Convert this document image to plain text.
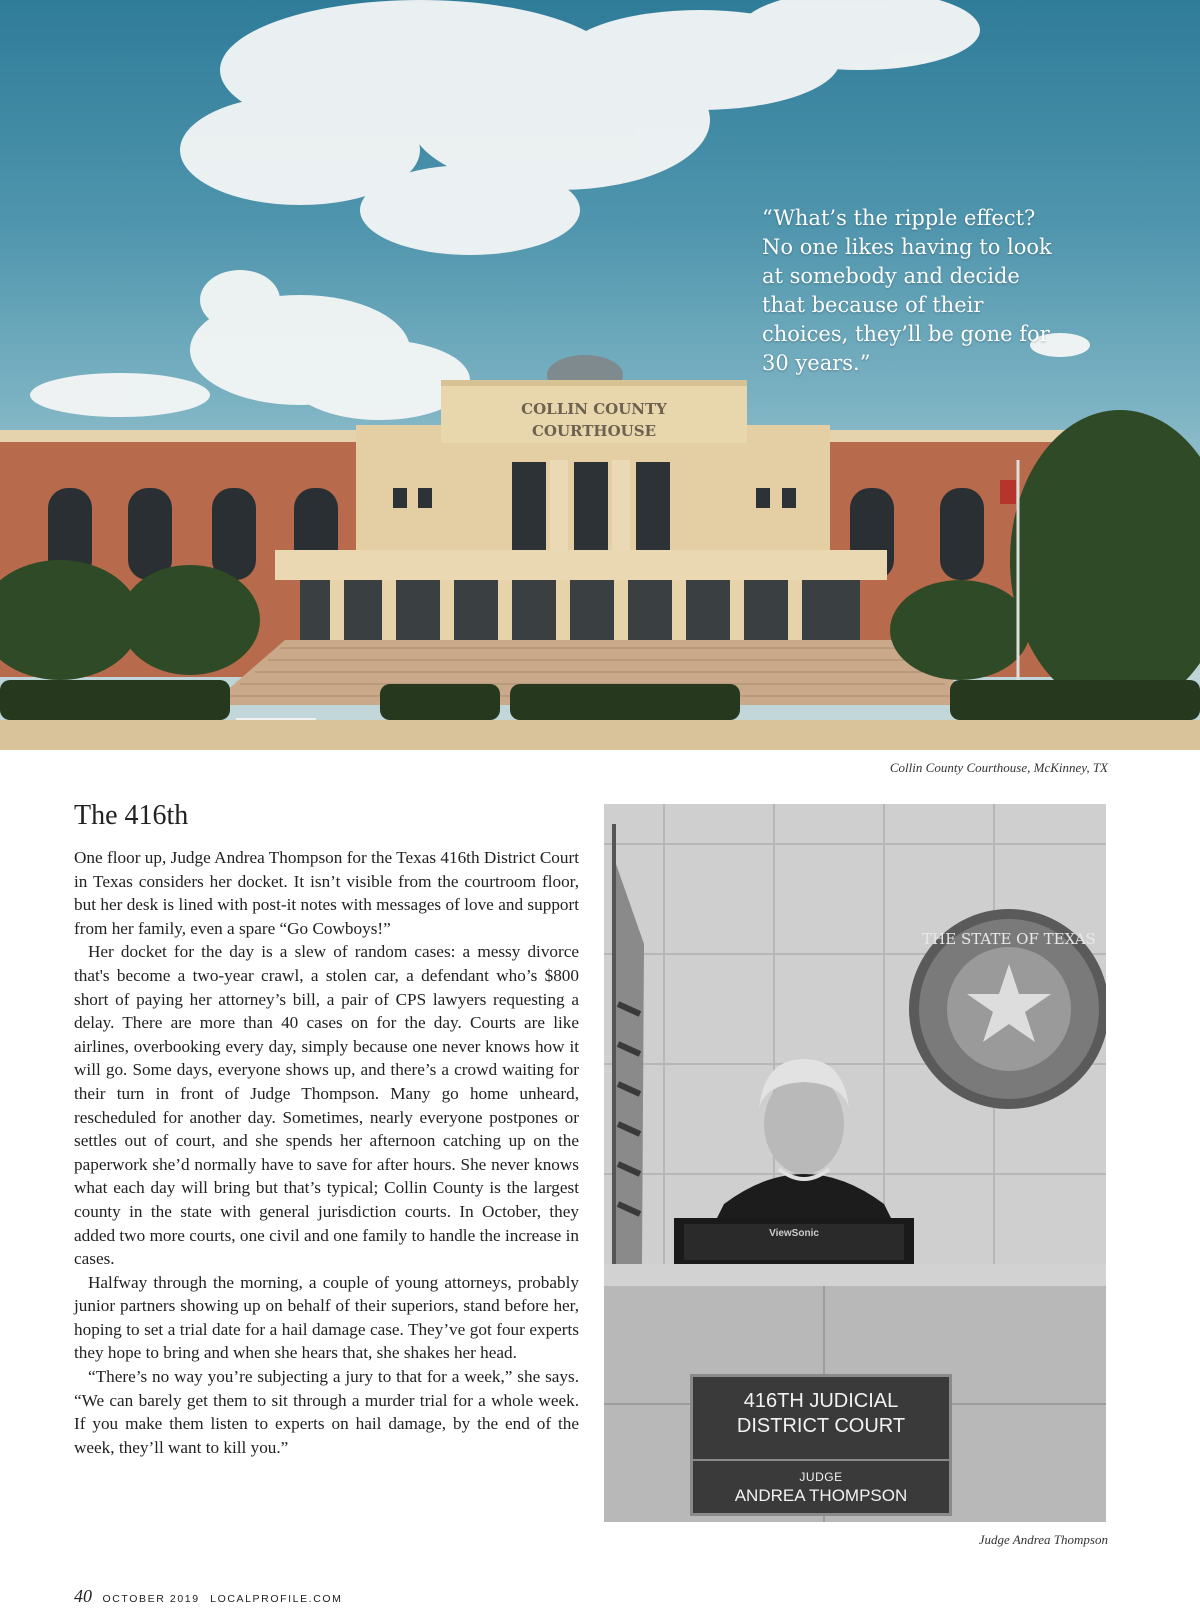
COLLIN COUNTY
COURTHOUSE

“What’s the ripple effect? No one likes having to look at somebody and decide that because of their choices, they’ll be gone for 30 years.”

Collin County Courthouse, McKinney, TX

The 416th

One floor up, Judge Andrea Thompson for the Texas 416th District Court in Texas considers her docket. It isn’t visible from the courtroom floor, but her desk is lined with post-it notes with messages of love and support from her family, even a spare “Go Cowboys!”

Her docket for the day is a slew of random cases: a messy divorce that's become a two-year crawl, a stolen car, a defendant who’s $800 short of paying her attorney’s bill, a pair of CPS lawyers requesting a delay. There are more than 40 cases on for the day. Courts are like airlines, overbooking every day, simply because one never knows how it will go. Some days, everyone shows up, and there’s a crowd waiting for their turn in front of Judge Thompson. Many go home unheard, rescheduled for another day. Sometimes, nearly everyone postpones or settles out of court, and she spends her afternoon catching up on the paperwork she’d normally have to save for after hours. She never knows what each day will bring but that’s typical; Collin County is the largest county in the state with general jurisdiction courts. In October, they added two more courts, one civil and one family to handle the increase in cases.

Halfway through the morning, a couple of young attorneys, probably junior partners showing up on behalf of their superiors, stand before her, hoping to set a trial date for a hail damage case. They’ve got four experts they hope to bring and when she hears that, she shakes her head.

“There’s no way you’re subjecting a jury to that for a week,” she says. “We can barely get them to sit through a murder trial for a whole week. If you make them listen to experts on hail damage, by the end of the week, they’ll want to kill you.”

THE STATE OF TEXAS
ViewSonic
416TH JUDICIAL
DISTRICT COURT
JUDGE
ANDREA THOMPSON

Judge Andrea Thompson

40 OCTOBER 2019 LOCALPROFILE.COM
